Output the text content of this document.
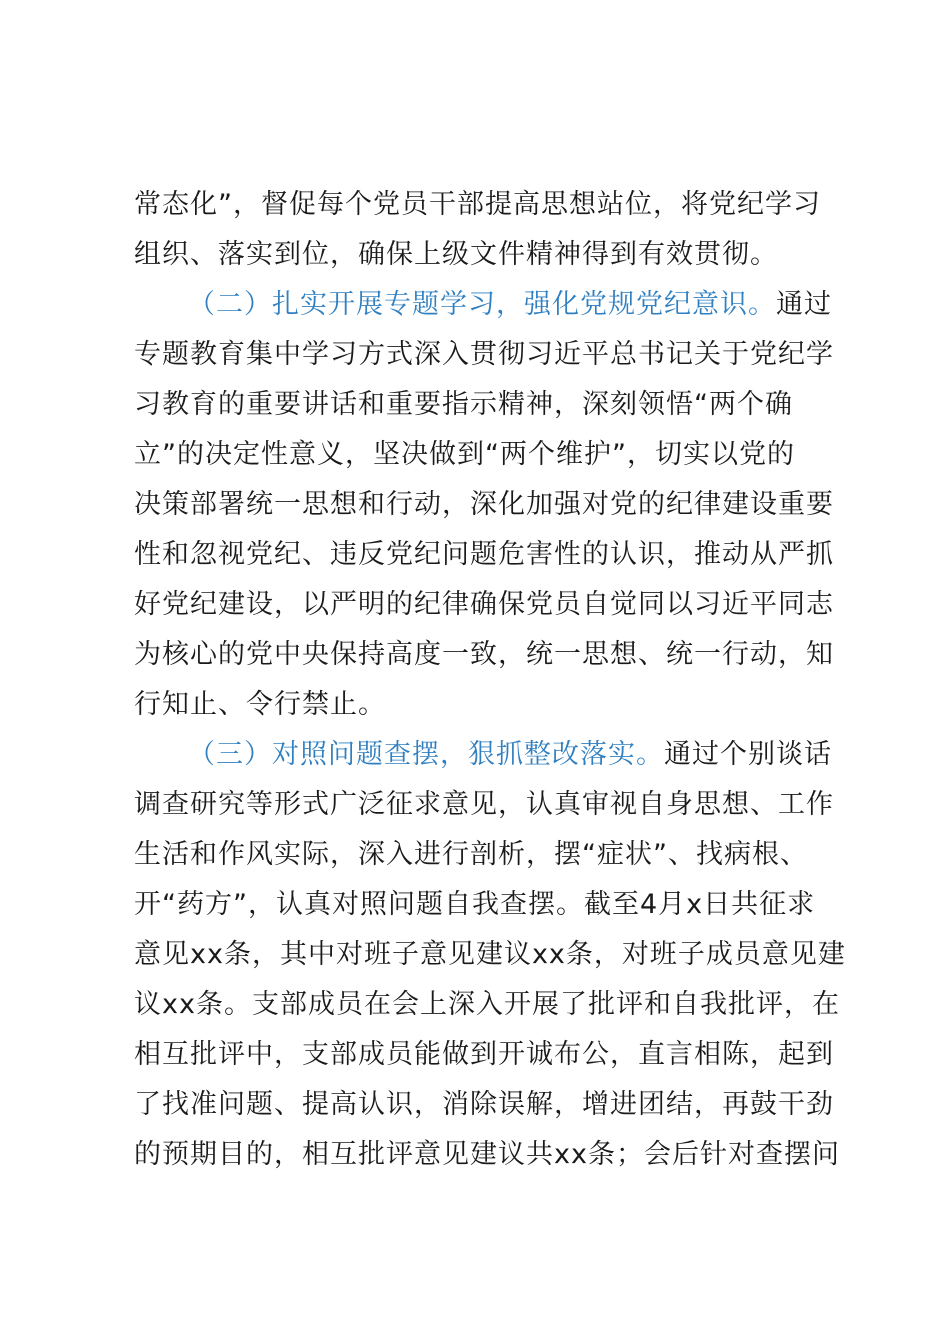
常态化”，督促每个党员干部提高思想站位，将党纪学习
组织、落实到位，确保上级文件精神得到有效贯彻。
（二）扎实开展专题学习，强化党规党纪意识。通过
专题教育集中学习方式深入贯彻习近平总书记关于党纪学
习教育的重要讲话和重要指示精神，深刻领悟“两个确
立”的决定性意义，坚决做到“两个维护”，切实以党的
决策部署统一思想和行动，深化加强对党的纪律建设重要
性和忽视党纪、违反党纪问题危害性的认识，推动从严抓
好党纪建设，以严明的纪律确保党员自觉同以习近平同志
为核心的党中央保持高度一致，统一思想、统一行动，知
行知止、令行禁止。
（三）对照问题查摆，狠抓整改落实。通过个别谈话
调查研究等形式广泛征求意见，认真审视自身思想、工作
生活和作风实际，深入进行剖析，摆“症状”、找病根、
开“药方”，认真对照问题自我查摆。截至4月x日共征求
意见xx条，其中对班子意见建议xx条，对班子成员意见建
议xx条。支部成员在会上深入开展了批评和自我批评，在
相互批评中，支部成员能做到开诚布公，直言相陈，起到
了找准问题、提高认识，消除误解，增进团结，再鼓干劲
的预期目的，相互批评意见建议共xx条；会后针对查摆问
